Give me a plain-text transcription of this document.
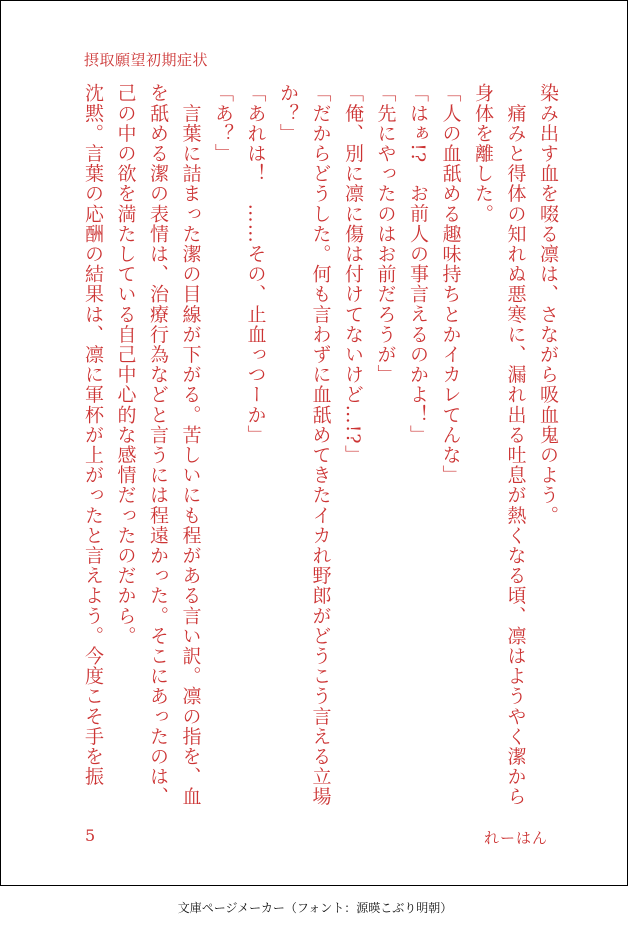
摂取願望初期症状
染み出す血を啜る凛は、さながら吸血鬼のよう。
　痛みと得体の知れぬ悪寒に、漏れ出る吐息が熱くなる頃、凛はようやく潔から
身体を離した。
「人の血舐める趣味持ちとかイカレてんな」
「はぁ!?　お前人の事言えるのかよ！」
「先にやったのはお前だろうが」
「俺、別に凛に傷は付けてないけど…!?」
「だからどうした。何も言わずに血舐めてきたイカれ野郎がどうこう言える立場
か？」
「あれは！　……その、止血っつーか」
「あ？」
　言葉に詰まった潔の目線が下がる。苦しいにも程がある言い訳。凛の指を、血
を舐める潔の表情は、治療行為などと言うには程遠かった。そこにあったのは、
己の中の欲を満たしている自己中心的な感情だったのだから。
沈黙。言葉の応酬の結果は、凛に軍杯が上がったと言えよう。今度こそ手を振
5	れーはん
文庫ページメーカー（フォント：源暎こぶり明朝）
